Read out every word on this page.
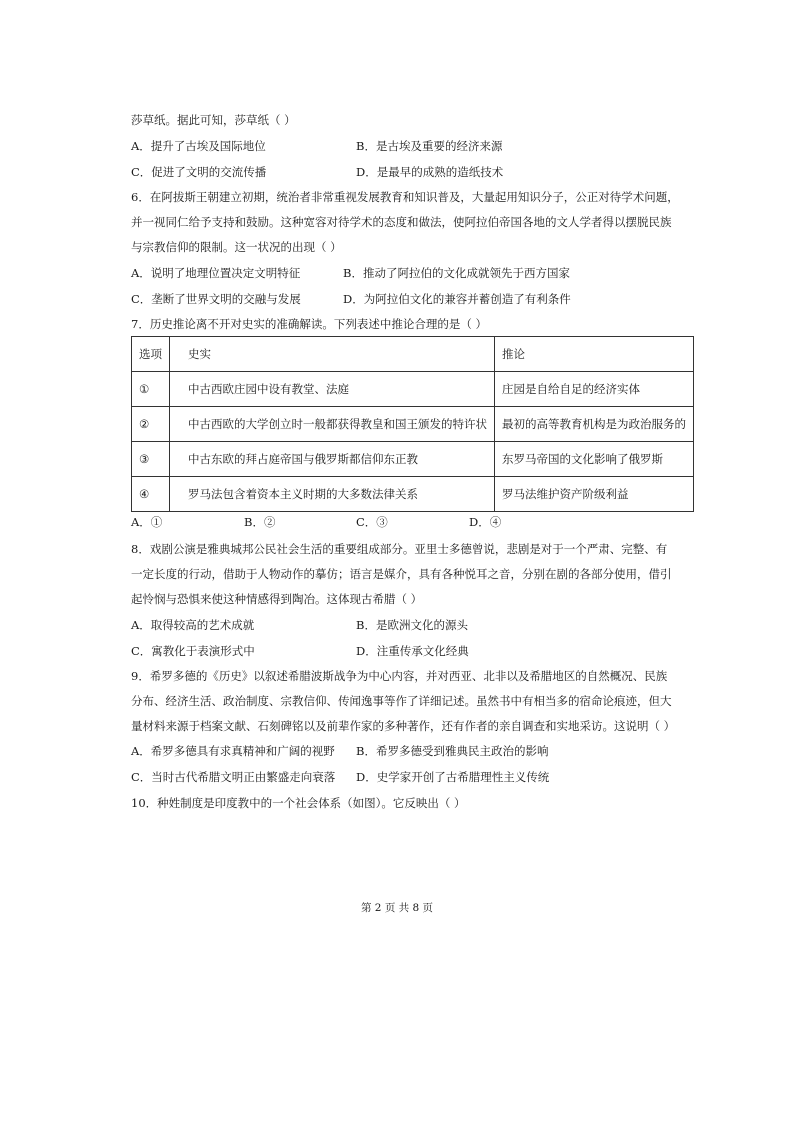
莎草纸。据此可知，莎草纸（ ）
A．提升了古埃及国际地位	B．是古埃及重要的经济来源
C．促进了文明的交流传播	D．是最早的成熟的造纸技术
6．在阿拔斯王朝建立初期，统治者非常重视发展教育和知识普及，大量起用知识分子，公正对待学术问题，
并一视同仁给予支持和鼓励。这种宽容对待学术的态度和做法，使阿拉伯帝国各地的文人学者得以摆脱民族
与宗教信仰的限制。这一状况的出现（ ）
A．说明了地理位置决定文明特征	B．推动了阿拉伯的文化成就领先于西方国家
C．垄断了世界文明的交融与发展	D．为阿拉伯文化的兼容并蓄创造了有利条件
7．历史推论离不开对史实的准确解读。下列表述中推论合理的是（ ）
选项	史实	推论
①	中古西欧庄园中设有教堂、法庭	庄园是自给自足的经济实体
②	中古西欧的大学创立时一般都获得教皇和国王颁发的特许状	最初的高等教育机构是为政治服务的
③	中古东欧的拜占庭帝国与俄罗斯都信仰东正教	东罗马帝国的文化影响了俄罗斯
④	罗马法包含着资本主义时期的大多数法律关系	罗马法维护资产阶级利益
A．①	B．②	C．③	D．④
8．戏剧公演是雅典城邦公民社会生活的重要组成部分。亚里士多德曾说，悲剧是对于一个严肃、完整、有
一定长度的行动，借助于人物动作的摹仿；语言是媒介，具有各种悦耳之音，分别在剧的各部分使用，借引
起怜悯与恐惧来使这种情感得到陶冶。这体现古希腊（ ）
A．取得较高的艺术成就	B．是欧洲文化的源头
C．寓教化于表演形式中	D．注重传承文化经典
9．希罗多德的《历史》以叙述希腊波斯战争为中心内容，并对西亚、北非以及希腊地区的自然概况、民族
分布、经济生活、政治制度、宗教信仰、传闻逸事等作了详细记述。虽然书中有相当多的宿命论痕迹，但大
量材料来源于档案文献、石刻碑铭以及前辈作家的多种著作，还有作者的亲自调查和实地采访。这说明（ ）
A．希罗多德具有求真精神和广阔的视野 B．希罗多德受到雅典民主政治的影响
C．当时古代希腊文明正由繁盛走向衰落 D．史学家开创了古希腊理性主义传统
10．种姓制度是印度教中的一个社会体系（如图）。它反映出（ ）
第 2 页 共 8 页
